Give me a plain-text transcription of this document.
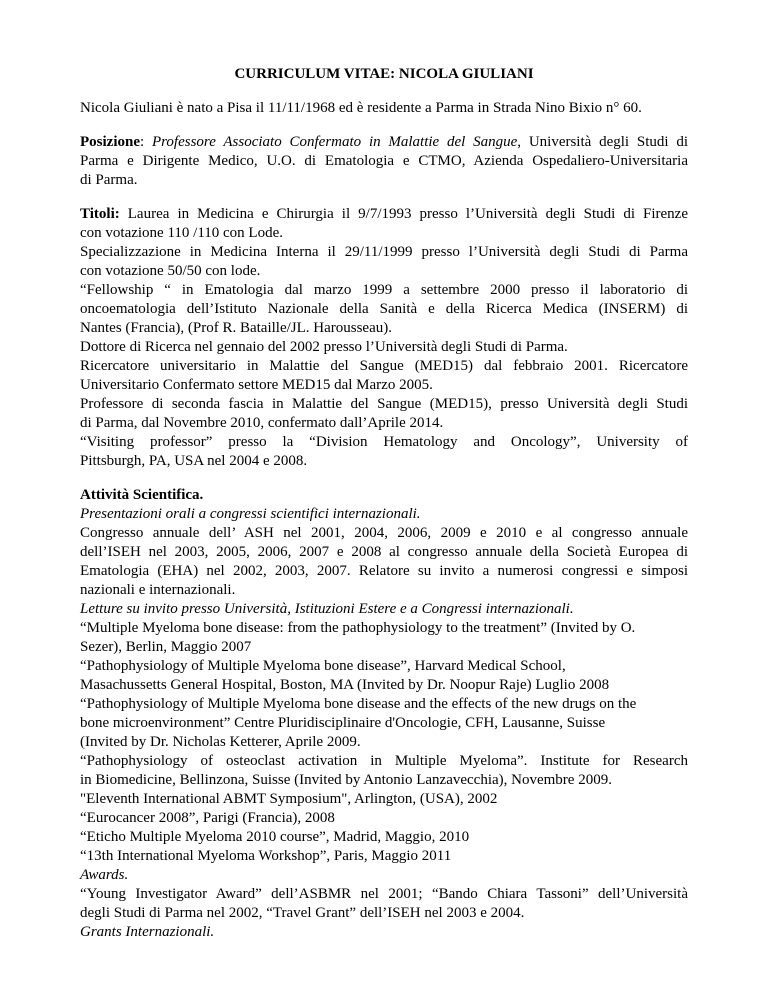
CURRICULUM VITAE: NICOLA GIULIANI
Nicola Giuliani è nato a Pisa il 11/11/1968 ed è residente a Parma in Strada Nino Bixio n° 60.
Posizione: Professore Associato Confermato in Malattie del Sangue, Università degli Studi di
Parma e Dirigente Medico, U.O. di Ematologia e CTMO, Azienda Ospedaliero-Universitaria
di Parma.
Titoli: Laurea in Medicina e Chirurgia il 9/7/1993 presso l’Università degli Studi di Firenze
con votazione 110 /110 con Lode.
Specializzazione in Medicina Interna il 29/11/1999 presso l’Università degli Studi di Parma
con votazione 50/50 con lode.
“Fellowship “ in Ematologia dal marzo 1999 a settembre 2000 presso il laboratorio di
oncoematologia dell’Istituto Nazionale della Sanità e della Ricerca Medica (INSERM) di
Nantes (Francia), (Prof R. Bataille/JL. Harousseau).
Dottore di Ricerca nel gennaio del 2002 presso l’Università degli Studi di Parma.
Ricercatore universitario in Malattie del Sangue (MED15) dal febbraio 2001. Ricercatore
Universitario Confermato settore MED15 dal Marzo 2005.
Professore di seconda fascia in Malattie del Sangue (MED15), presso Università degli Studi
di Parma, dal Novembre 2010, confermato dall’Aprile 2014.
“Visiting professor” presso la “Division Hematology and Oncology”, University of
Pittsburgh, PA, USA nel 2004 e 2008.
Attività Scientifica.
Presentazioni orali a congressi scientifici internazionali.
Congresso annuale dell’ ASH nel 2001, 2004, 2006, 2009 e 2010 e al congresso annuale
dell’ISEH nel 2003, 2005, 2006, 2007 e 2008 al congresso annuale della Società Europea di
Ematologia (EHA) nel 2002, 2003, 2007. Relatore su invito a numerosi congressi e simposi
nazionali e internazionali.
Letture su invito presso Università, Istituzioni Estere e a Congressi internazionali.
“Multiple Myeloma bone disease: from the pathophysiology to the treatment” (Invited by O.
Sezer), Berlin, Maggio 2007
“Pathophysiology of Multiple Myeloma bone disease”, Harvard Medical School,
Masachussetts General Hospital, Boston, MA (Invited by Dr. Noopur Raje) Luglio 2008
“Pathophysiology of Multiple Myeloma bone disease and the effects of the new drugs on the
bone microenvironment” Centre Pluridisciplinaire d'Oncologie, CFH, Lausanne, Suisse
(Invited by Dr. Nicholas Ketterer, Aprile 2009.
“Pathophysiology of osteoclast activation in Multiple Myeloma”. Institute for Research
in Biomedicine, Bellinzona, Suisse (Invited by Antonio Lanzavecchia), Novembre 2009.
"Eleventh International ABMT Symposium", Arlington, (USA), 2002
“Eurocancer 2008”, Parigi (Francia), 2008
“Eticho Multiple Myeloma 2010 course”, Madrid, Maggio, 2010
“13th International Myeloma Workshop”, Paris, Maggio 2011
Awards.
“Young Investigator Award” dell’ASBMR nel 2001; “Bando Chiara Tassoni” dell’Università
degli Studi di Parma nel 2002, “Travel Grant” dell’ISEH nel 2003 e 2004.
Grants Internazionali.
